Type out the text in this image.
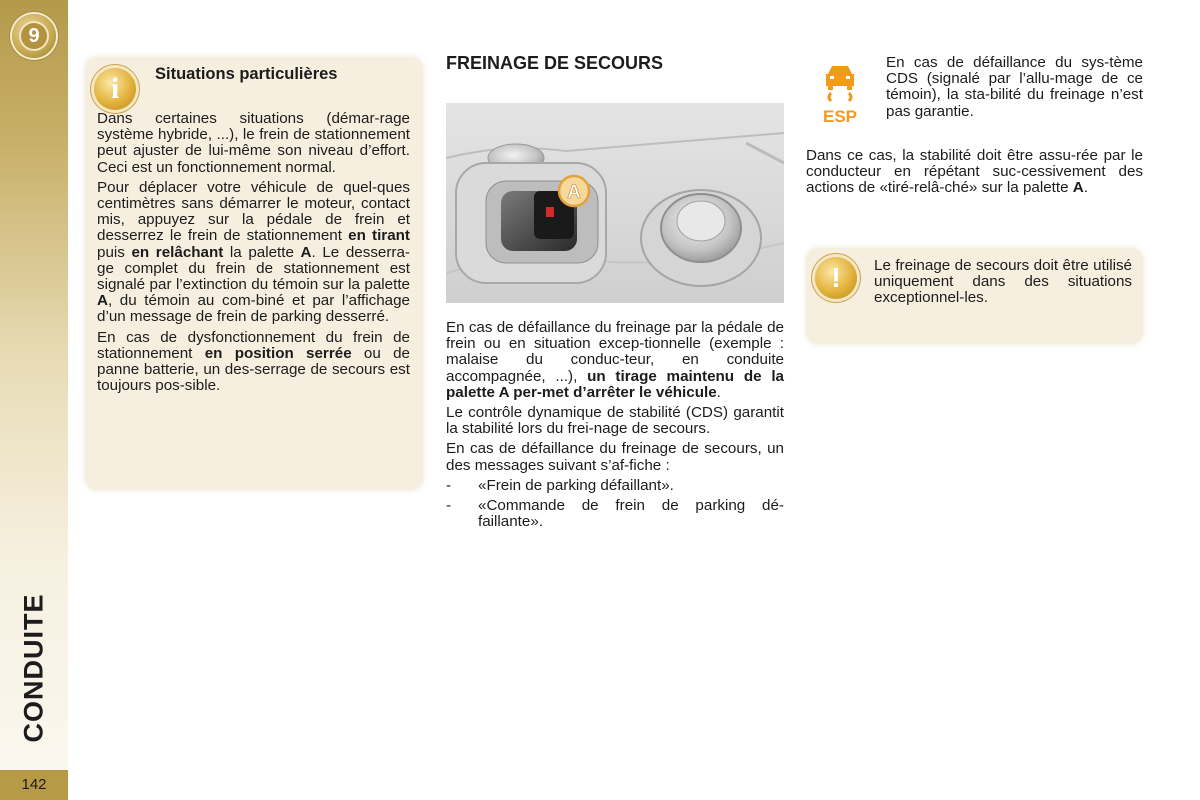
9
CONDUITE
142
i	Situations particulières

Dans certaines situations (démar-rage système hybride, ...), le frein de stationnement peut ajuster de lui-même son niveau d’effort. Ceci est un fonctionnement normal.

Pour déplacer votre véhicule de quel-ques centimètres sans démarrer le moteur, contact mis, appuyez sur la pédale de frein et desserrez le frein de stationnement en tirant puis en relâchant la palette A. Le desserra-ge complet du frein de stationnement est signalé par l’extinction du témoin sur la palette A, du témoin au com-biné et par l’affichage d’un message de frein de parking desserré.

En cas de dysfonctionnement du frein de stationnement en position serrée ou de panne batterie, un des-serrage de secours est toujours pos-sible.

FREINAGE DE SECOURS
A

En cas de défaillance du freinage par la pédale de frein ou en situation excep-tionnelle (exemple : malaise du conduc-teur, en conduite accompagnée, ...), un tirage maintenu de la palette A per-met d’arrêter le véhicule.

Le contrôle dynamique de stabilité (CDS) garantit la stabilité lors du frei-nage de secours.

En cas de défaillance du freinage de secours, un des messages suivant s’af-fiche :

-	«Frein de parking défaillant».
-	«Commande de frein de parking dé-faillante».
ESP

En cas de défaillance du sys-tème CDS (signalé par l’allu-mage de ce témoin), la sta-bilité du freinage n’est pas garantie.

Dans ce cas, la stabilité doit être assu-rée par le conducteur en répétant suc-cessivement des actions de «tiré-relâ-ché» sur la palette A.

!	Le freinage de secours doit être utilisé uniquement dans des situations exceptionnel-les.
